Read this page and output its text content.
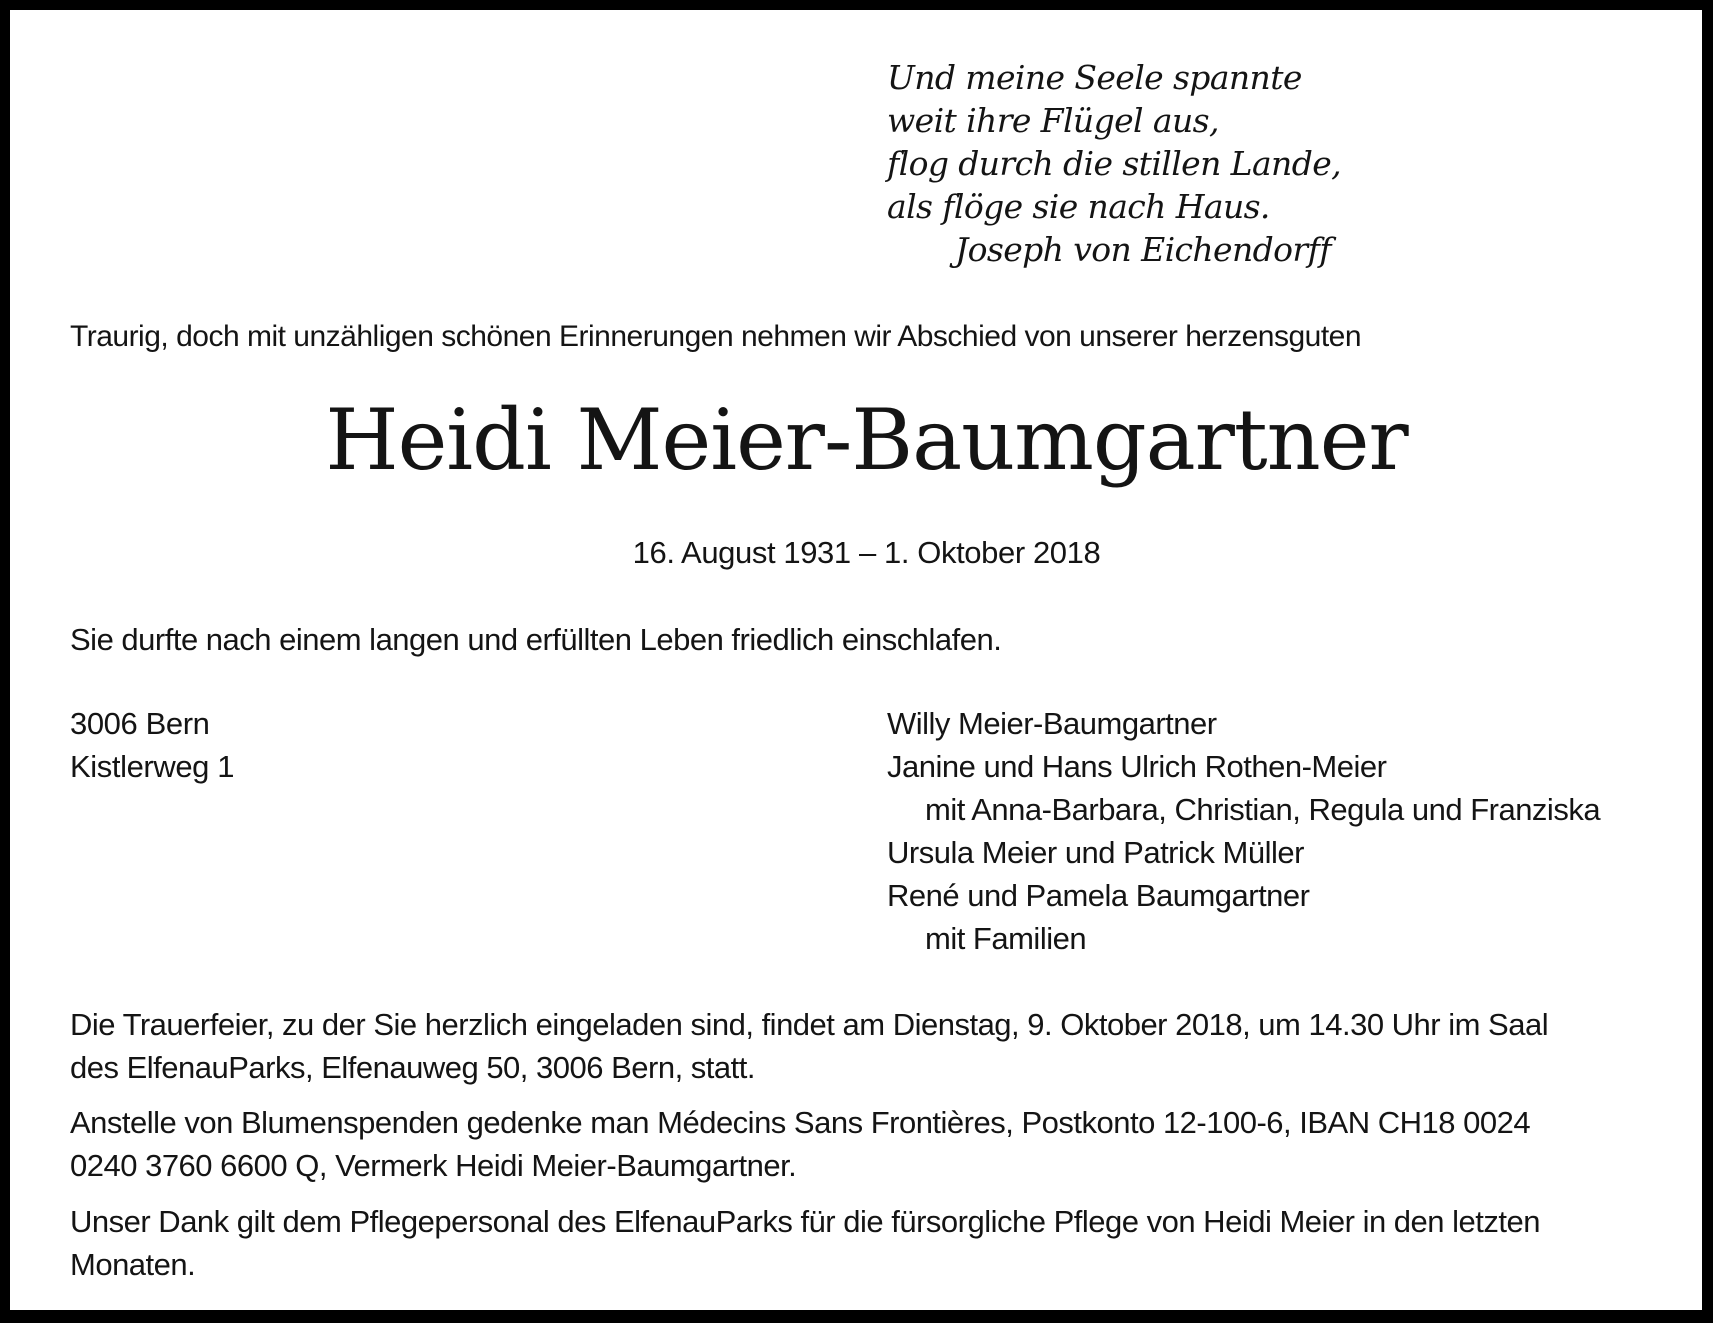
Und meine Seele spannte
weit ihre Flügel aus,
flog durch die stillen Lande,
als flöge sie nach Haus.
Joseph von Eichendorff

Traurig, doch mit unzähligen schönen Erinnerungen nehmen wir Abschied von unserer herzensguten

Heidi Meier-Baumgartner

16. August 1931 – 1. Oktober 2018

Sie durfte nach einem langen und erfüllten Leben friedlich einschlafen.

3006 Bern
Kistlerweg 1
Willy Meier-Baumgartner
Janine und Hans Ulrich Rothen-Meier
mit Anna-Barbara, Christian, Regula und Franziska
Ursula Meier und Patrick Müller
René und Pamela Baumgartner
mit Familien
Die Trauerfeier, zu der Sie herzlich eingeladen sind, findet am Dienstag, 9. Oktober 2018, um 14.30 Uhr im Saal
des ElfenauParks, Elfenauweg 50, 3006 Bern, statt.
Anstelle von Blumenspenden gedenke man Médecins Sans Frontières, Postkonto 12-100-6, IBAN CH18 0024
0240 3760 6600 Q, Vermerk Heidi Meier-Baumgartner.
Unser Dank gilt dem Pflegepersonal des ElfenauParks für die fürsorgliche Pflege von Heidi Meier in den letzten
Monaten.
